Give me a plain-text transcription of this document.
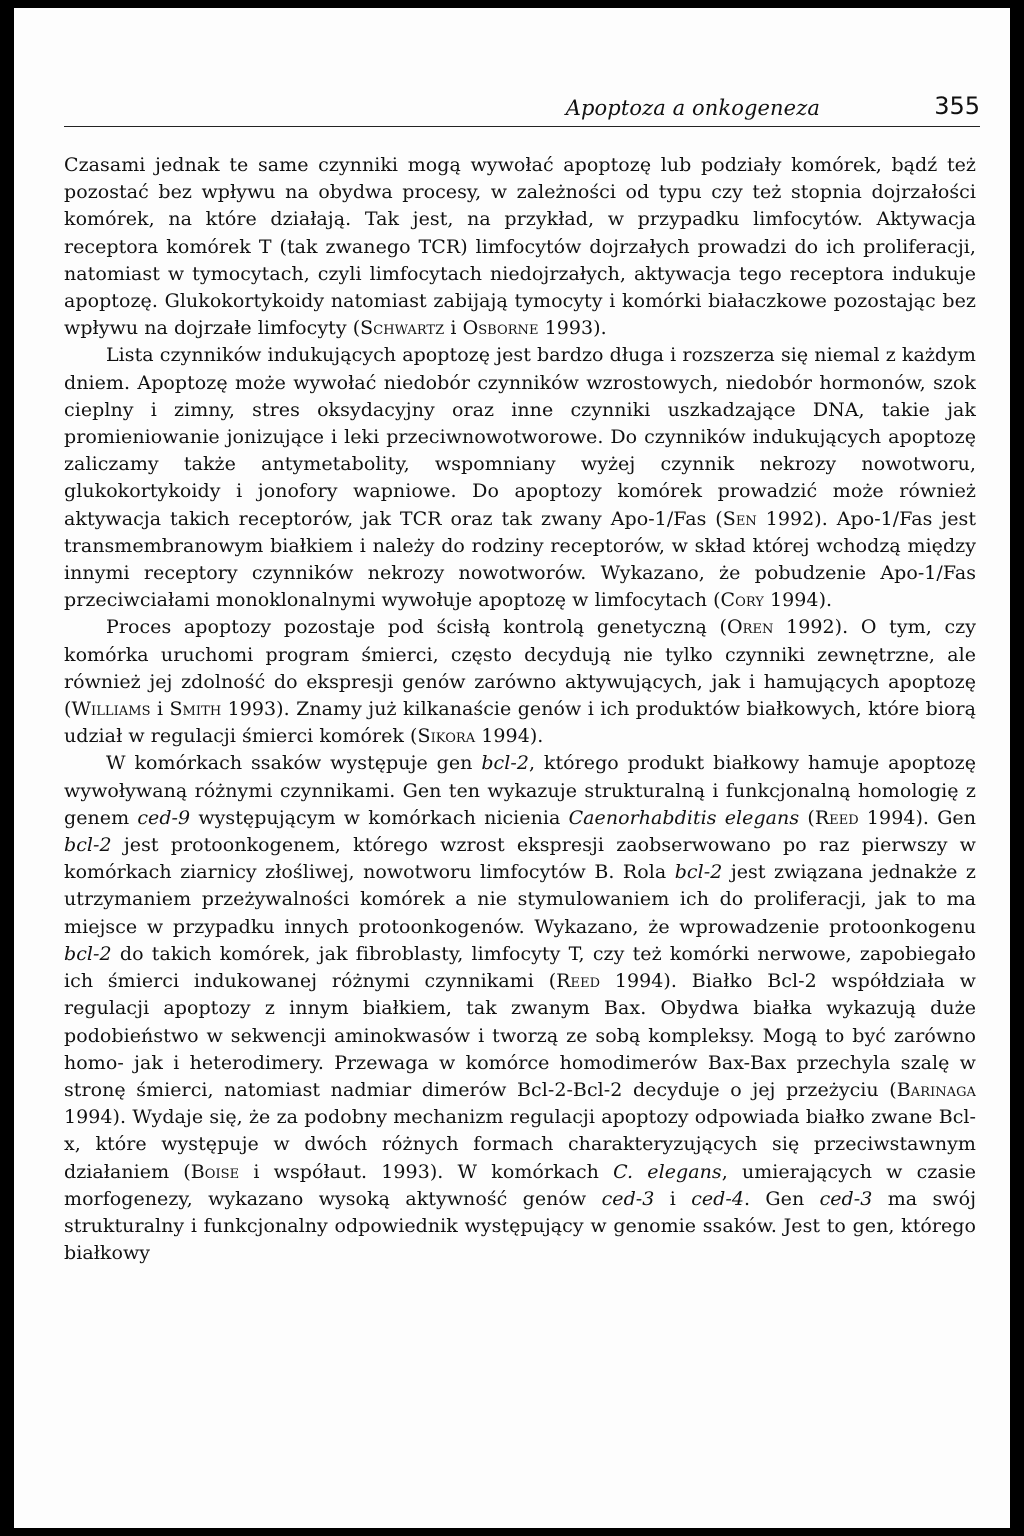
Apoptoza a onkogeneza	355

Czasami jednak te same czynniki mogą wywołać apoptozę lub podziały komórek, bądź też pozostać bez wpływu na obydwa procesy, w zależności od typu czy też stopnia dojrzałości komórek, na które działają. Tak jest, na przykład, w przypadku limfocytów. Aktywacja receptora komórek T (tak zwanego TCR) limfocytów dojrzałych prowadzi do ich proliferacji, natomiast w tymocytach, czyli limfocytach niedojrzałych, aktywacja tego receptora indukuje apoptozę. Glukokortykoidy natomiast zabijają tymocyty i komórki białaczkowe pozostając bez wpływu na dojrzałe limfocyty (Schwartz i Osborne 1993).

Lista czynników indukujących apoptozę jest bardzo długa i rozszerza się niemal z każdym dniem. Apoptozę może wywołać niedobór czynników wzrostowych, niedobór hormonów, szok cieplny i zimny, stres oksydacyjny oraz inne czynniki uszkadzające DNA, takie jak promieniowanie jonizujące i leki przeciwnowotworowe. Do czynników indukujących apoptozę zaliczamy także antymetabolity, wspomniany wyżej czynnik nekrozy nowotworu, glukokortykoidy i jonofory wapniowe. Do apoptozy komórek prowadzić może również aktywacja takich receptorów, jak TCR oraz tak zwany Apo-1/Fas (Sen 1992). Apo-1/Fas jest transmembranowym białkiem i należy do rodziny receptorów, w skład której wchodzą między innymi receptory czynników nekrozy nowotworów. Wykazano, że pobudzenie Apo-1/Fas przeciwciałami monoklonalnymi wywołuje apoptozę w limfocytach (Cory 1994).

Proces apoptozy pozostaje pod ścisłą kontrolą genetyczną (Oren 1992). O tym, czy komórka uruchomi program śmierci, często decydują nie tylko czynniki zewnętrzne, ale również jej zdolność do ekspresji genów zarówno aktywujących, jak i hamujących apoptozę (Williams i Smith 1993). Znamy już kilkanaście genów i ich produktów białkowych, które biorą udział w regulacji śmierci komórek (Sikora 1994).

W komórkach ssaków występuje gen bcl-2, którego produkt białkowy hamuje apoptozę wywoływaną różnymi czynnikami. Gen ten wykazuje strukturalną i funkcjonalną homologię z genem ced-9 występującym w komórkach nicienia Caenorhabditis elegans (Reed 1994). Gen bcl-2 jest protoonkogenem, którego wzrost ekspresji zaobserwowano po raz pierwszy w komórkach ziarnicy złośliwej, nowotworu limfocytów B. Rola bcl-2 jest związana jednakże z utrzymaniem przeżywalności komórek a nie stymulowaniem ich do proliferacji, jak to ma miejsce w przypadku innych protoonkogenów. Wykazano, że wprowadzenie protoonkogenu bcl-2 do takich komórek, jak fibroblasty, limfocyty T, czy też komórki nerwowe, zapobiegało ich śmierci indukowanej różnymi czynnikami (Reed 1994). Białko Bcl-2 współdziała w regulacji apoptozy z innym białkiem, tak zwanym Bax. Obydwa białka wykazują duże podobieństwo w sekwencji aminokwasów i tworzą ze sobą kompleksy. Mogą to być zarówno homo- jak i heterodimery. Przewaga w komórce homodimerów Bax-Bax przechyla szalę w stronę śmierci, natomiast nadmiar dimerów Bcl-2-Bcl-2 decyduje o jej przeżyciu (Barinaga 1994). Wydaje się, że za podobny mechanizm regulacji apoptozy odpowiada białko zwane Bcl-x, które występuje w dwóch różnych formach charakteryzujących się przeciwstawnym działaniem (Boise i współaut. 1993). W komórkach C. elegans, umierających w czasie morfogenezy, wykazano wysoką aktywność genów ced-3 i ced-4. Gen ced-3 ma swój strukturalny i funkcjonalny odpowiednik występujący w genomie ssaków. Jest to gen, którego białkowy
